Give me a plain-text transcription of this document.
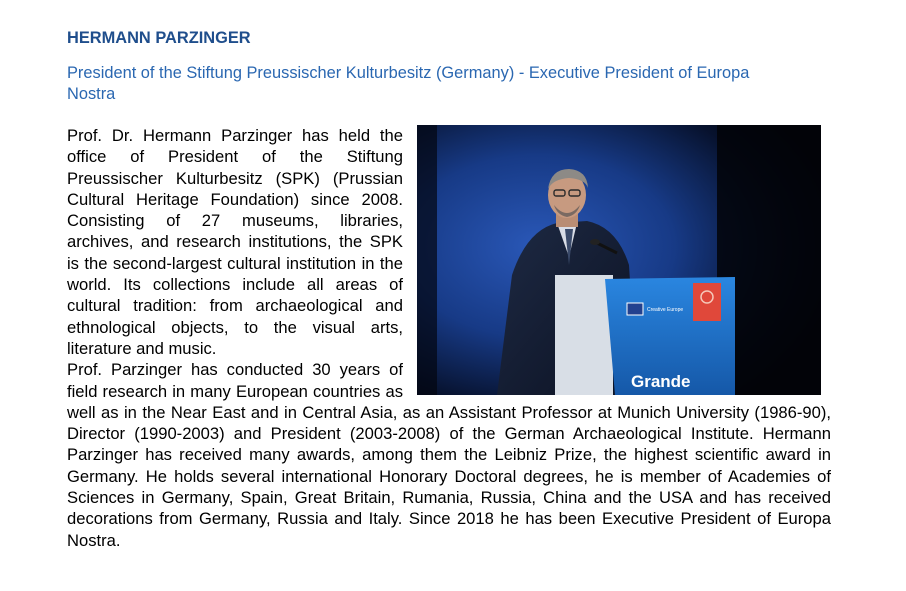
HERMANN PARZINGER
President of the Stiftung Preussischer Kulturbesitz (Germany) - Executive President of Europa Nostra
Creative Europe
Grande

Prof. Dr. Hermann Parzinger has held the office of President of the Stiftung Preussischer Kulturbesitz (SPK) (Prussian Cultural Heritage Foundation) since 2008. Consisting of 27 museums, libraries, archives, and research institutions, the SPK is the second-largest cultural institution in the world. Its collections include all areas of cultural tradition: from archaeological and ethnological objects, to the visual arts, literature and music.

Prof. Parzinger has conducted 30 years of field research in many European countries as well as in the Near East and in Central Asia, as an Assistant Professor at Munich University (1986-90), Director (1990-2003) and President (2003-2008) of the German Archaeological Institute. Hermann Parzinger has received many awards, among them the Leibniz Prize, the highest scientific award in Germany. He holds several international Honorary Doctoral degrees, he is member of Academies of Sciences in Germany, Spain, Great Britain, Rumania, Russia, China and the USA and has received decorations from Germany, Russia and Italy. Since 2018 he has been Executive President of Europa Nostra.
